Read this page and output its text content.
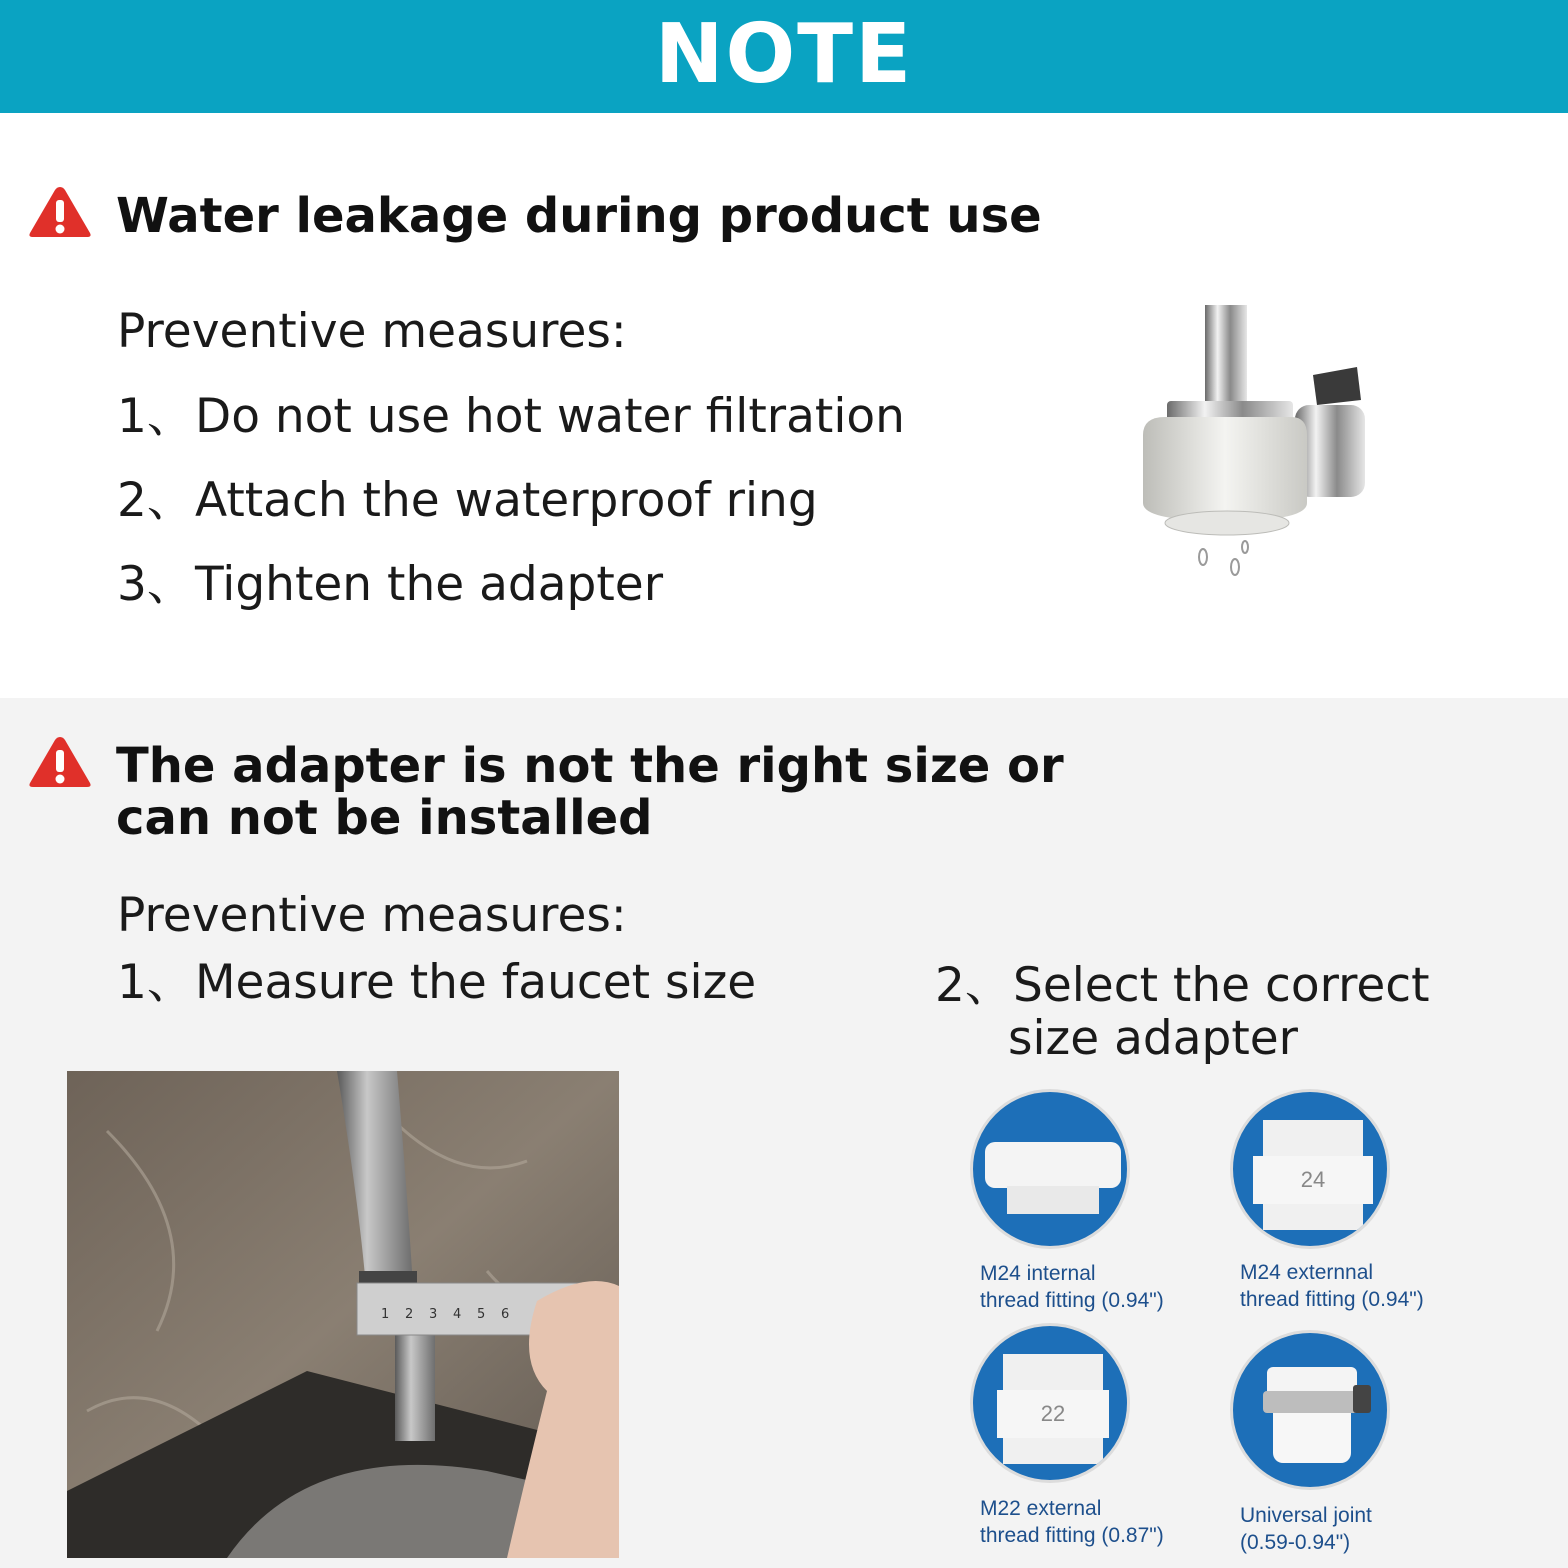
NOTE
Water leakage during product use
Preventive measures:
1、Do not use hot water filtration
2、Attach the waterproof ring
3、Tighten the adapter
The adapter is not the right size or
can not be installed
Preventive measures:
1、Measure the faucet size	2、Select the correct
size adapter
1 2 3 4 5 6
24
22
M24 internal
thread fitting (0.94")
M24 externnal
thread fitting (0.94")
M22 external
thread fitting (0.87")
Universal joint
(0.59-0.94")
